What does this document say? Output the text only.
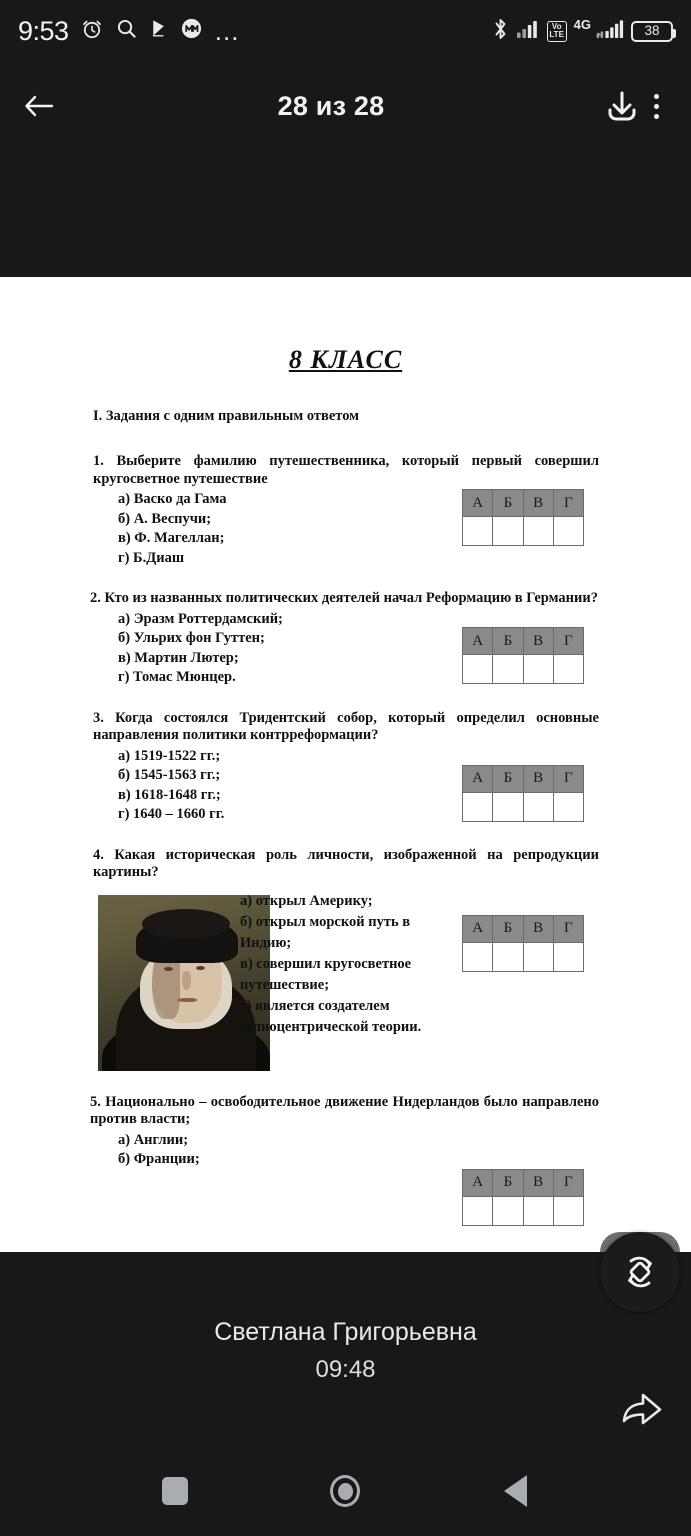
9:53	…	Vo
LTE
4G	38
28 из 28
8 КЛАСС
I. Задания с одним правильным ответом
1. Выберите фамилию путешественника, который первый совершил кругосветное путешествие
а) Васко да Гама
б) А. Веспучи;
в) Ф. Магеллан;
г) Б.Диаш
А	Б	В	Г

2. Кто из названных политических деятелей начал Реформацию в Германии?
а) Эразм Роттердамский;
б) Ульрих фон Гуттен;
в) Мартин Лютер;
г) Томас Мюнцер.
А	Б	В	Г

3. Когда состоялся Тридентский собор, который определил основные направления политики контрреформации?
а) 1519-1522 гг.;
б) 1545-1563 гг.;
в) 1618-1648 гг.;
г) 1640 – 1660 гг.
А	Б	В	Г

4. Какая историческая роль личности, изображенной на репродукции картины?
а) открыл Америку;
б) открыл морской путь в Индию;
в) совершил кругосветное путешествие;
г) является создателем гелиоцентрической теории.
А	Б	В	Г

5. Национально – освободительное движение Нидерландов было направлено против власти;
а) Англии;
б) Франции;
А	Б	В	Г

Светлана Григорьевна
09:48
